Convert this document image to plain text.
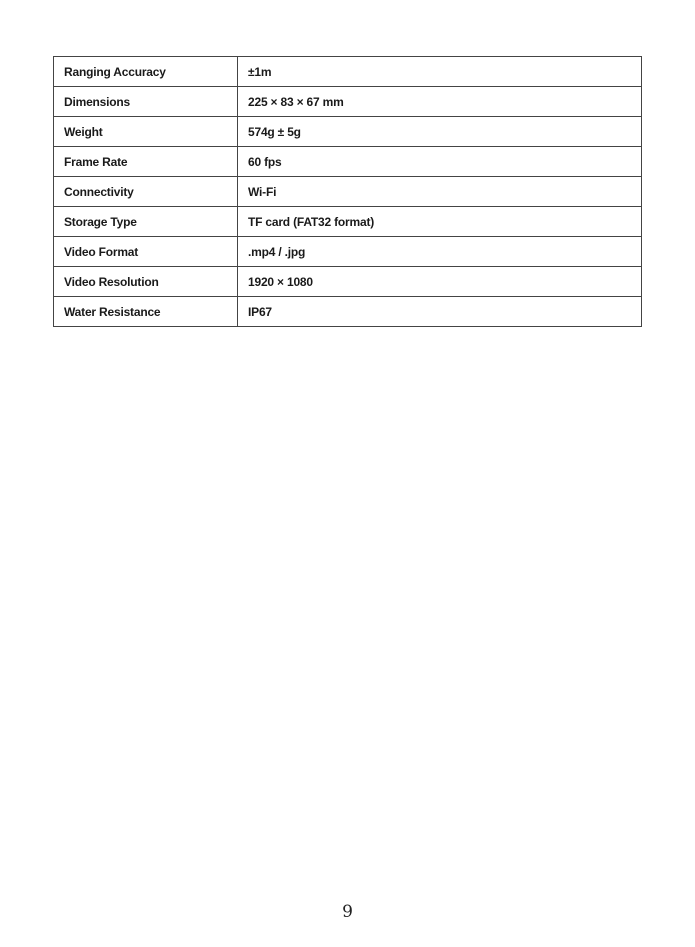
Ranging Accuracy	±1m
Dimensions	225 × 83 × 67 mm
Weight	574g ± 5g
Frame Rate	60 fps
Connectivity	Wi-Fi
Storage Type	TF card (FAT32 format)
Video Format	.mp4 / .jpg
Video Resolution	1920 × 1080
Water Resistance	IP67
9
